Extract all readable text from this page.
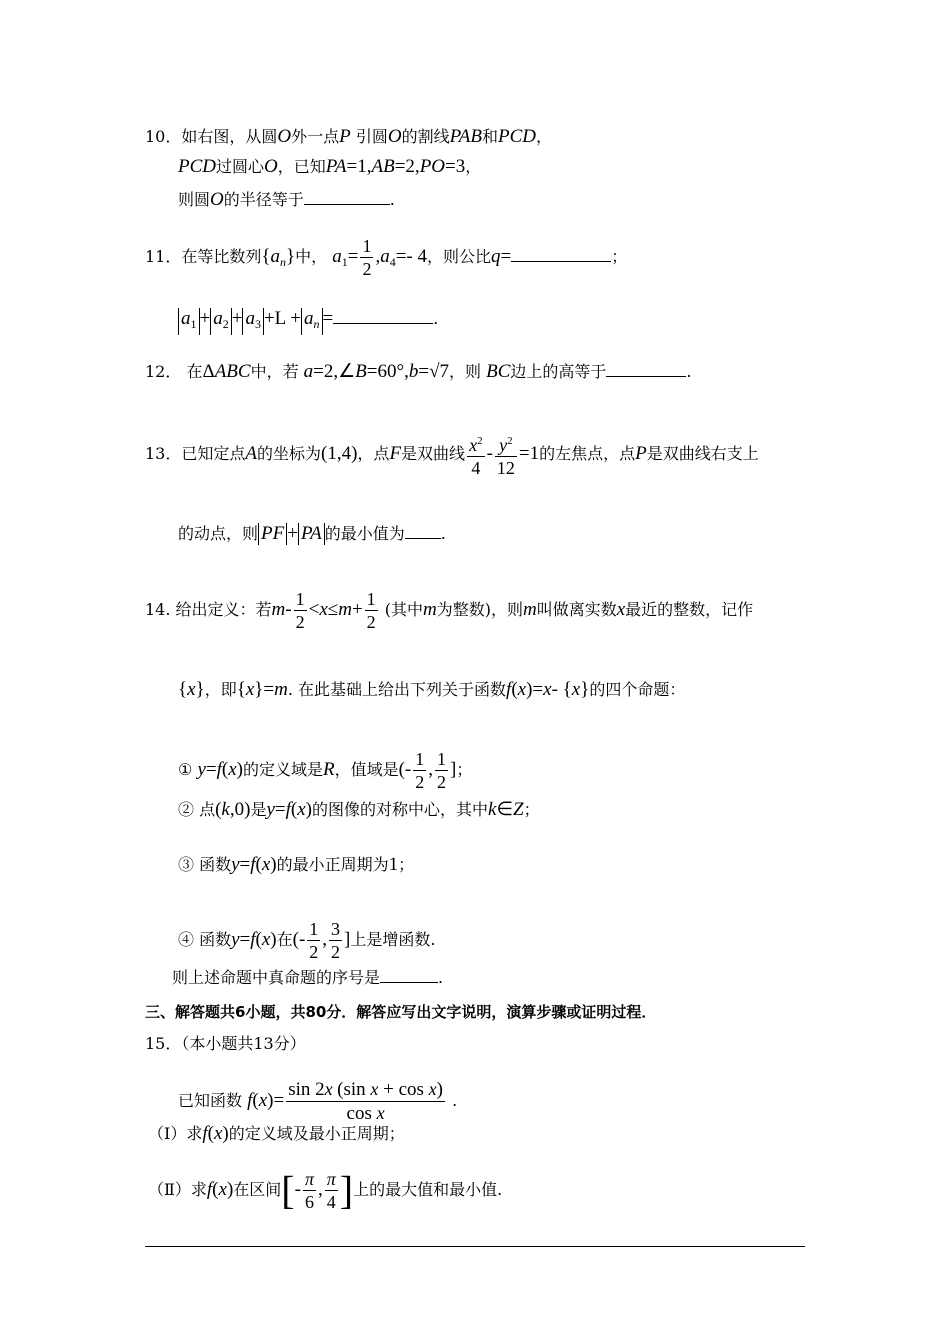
10．如右图，从圆O外一点P 引圆O的割线PAB和PCD，
PCD过圆心O，已知PA=1,AB=2,PO=3，
则圆O的半径等于	.
11．在等比数列$\{a_n\}$中， $a_1= \frac{1}{2} ,a_4=-$ 4，则公比q=	；
$a_1 + a_2 + a_3 +L + a_n$ =	.
12． 在ΔABC中，若 a=2,∠B=60°,b=√7，则 BC边上的高等于	.
13．已知定点A的坐标为(1,4)，点F是双曲线 $\frac{x^2}{4} - \frac{y^2}{12} =1$的左焦点，点P是双曲线右支上
的动点，则 PF + PA 的最小值为 .
14. 给出定义：若$m- \frac{1}{2} <x\le m+ \frac{1}{2}$ (其中m为整数)，则m叫做离实数x最近的整数，记作
{x}，即{x}=m. 在此基础上给出下列关于函数f(x)=x- {x}的四个命题：
① y=f(x)的定义域是R，值域是(- $\frac{1}{2}$ , $\frac{1}{2}$ ]；
② 点(k,0)是y=f(x)的图像的对称中心，其中k∈Z；
③ 函数y=f(x)的最小正周期为1；
④ 函数y=f(x)在(- $\frac{1}{2}$ , $\frac{3}{2}$ ]上是增函数.
则上述命题中真命题的序号是	.
三、解答题共6小题，共80分．解答应写出文字说明，演算步骤或证明过程．
15．（本小题共13分）
已知函数 $f(x)= \frac{\text{sin 2x (sin x + cos x)}}{\text{cos x}}$ .
（Ⅰ）求f(x)的定义域及最小正周期；
（Ⅱ）求f(x)在区间[- $\frac{\pi}{6}$ , $\frac{\pi}{4}$ ]上的最大值和最小值.
